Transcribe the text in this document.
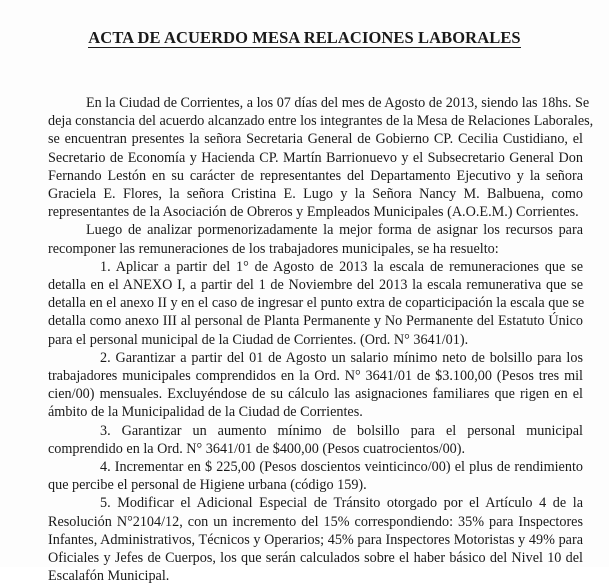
ACTA DE ACUERDO MESA RELACIONES LABORALES
En la Ciudad de Corrientes, a los 07 días del mes de Agosto de 2013, siendo las 18hs. Se
deja constancia del acuerdo alcanzado entre los integrantes de la Mesa de Relaciones Laborales,
se encuentran presentes la señora Secretaria General de Gobierno CP. Cecilia Custidiano, el
Secretario de Economía y Hacienda CP. Martín Barrionuevo y el Subsecretario General Don
Fernando Lestón en su carácter de representantes del Departamento Ejecutivo y la señora
Graciela E. Flores, la señora Cristina E. Lugo y la Señora Nancy M. Balbuena, como
representantes de la Asociación de Obreros y Empleados Municipales (A.O.E.M.) Corrientes.
Luego de analizar pormenorizadamente la mejor forma de asignar los recursos para
recomponer las remuneraciones de los trabajadores municipales, se ha resuelto:
1. Aplicar a partir del 1° de Agosto de 2013 la escala de remuneraciones que se
detalla en el ANEXO I, a partir del 1 de Noviembre del 2013 la escala remunerativa que se
detalla en el anexo II y en el caso de ingresar el punto extra de coparticipación la escala que se
detalla como anexo III al personal de Planta Permanente y No Permanente del Estatuto Único
para el personal municipal de la Ciudad de Corrientes. (Ord. N° 3641/01).
2. Garantizar a partir del 01 de Agosto un salario mínimo neto de bolsillo para los
trabajadores municipales comprendidos en la Ord. N° 3641/01 de $3.100,00 (Pesos tres mil
cien/00) mensuales. Excluyéndose de su cálculo las asignaciones familiares que rigen en el
ámbito de la Municipalidad de la Ciudad de Corrientes.
3. Garantizar un aumento mínimo de bolsillo para el personal municipal
comprendido en la Ord. N° 3641/01 de $400,00 (Pesos cuatrocientos/00).
4. Incrementar en $ 225,00 (Pesos doscientos veinticinco/00) el plus de rendimiento
que percibe el personal de Higiene urbana (código 159).
5. Modificar el Adicional Especial de Tránsito otorgado por el Artículo 4 de la
Resolución N°2104/12, con un incremento del 15% correspondiendo: 35% para Inspectores
Infantes, Administrativos, Técnicos y Operarios; 45% para Inspectores Motoristas y 49% para
Oficiales y Jefes de Cuerpos, los que serán calculados sobre el haber básico del Nivel 10 del
Escalafón Municipal.
